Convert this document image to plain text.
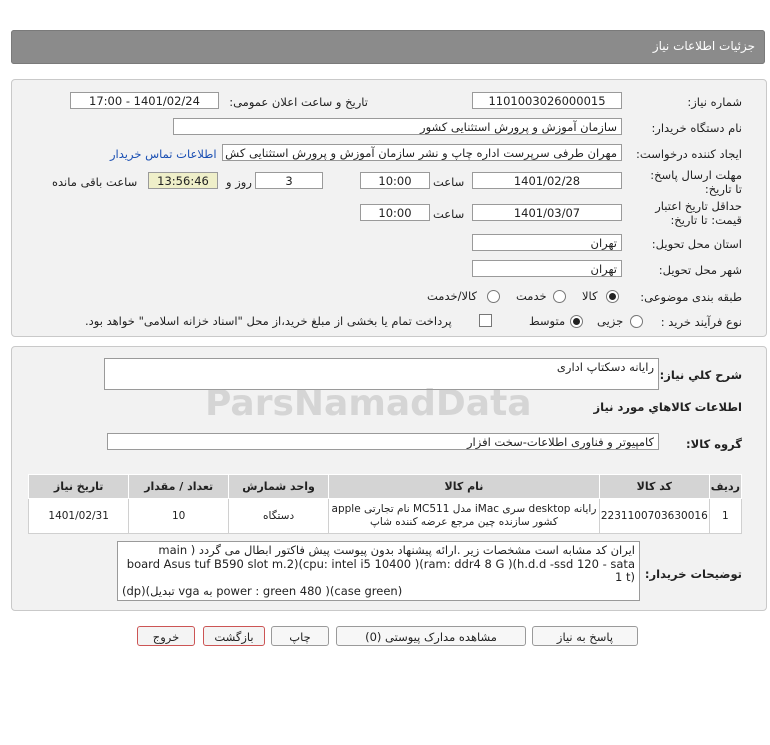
جزئیات اطلاعات نیاز
شماره نیاز:
1101003026000015
تاریخ و ساعت اعلان عمومی:
1401/02/24 - 17:00
نام دستگاه خریدار:
سازمان آموزش و پرورش استثنایی کشور
ایجاد کننده درخواست:
مهران طرفی سرپرست اداره چاپ و نشر سازمان آموزش و پرورش استثنایی کش
اطلاعات تماس خریدار
مهلت ارسال پاسخ: تا تاریخ:
1401/02/28
ساعت
10:00
3
روز و
13:56:46
ساعت باقی مانده
حداقل تاریخ اعتبار قیمت: تا تاریخ:
1401/03/07
ساعت
10:00
استان محل تحویل:
تهران
شهر محل تحویل:
تهران
طبقه بندی موضوعی:
کالا
خدمت
کالا/خدمت
نوع فرآیند خرید :
جزیی
متوسط
پرداخت تمام یا بخشی از مبلغ خرید،از محل "اسناد خزانه اسلامی" خواهد بود.
شرح كلي نياز:
رایانه دسکتاپ اداری
اطلاعات کالاهاي مورد نياز
گروه کالا:
کامپیوتر و فناوری اطلاعات-سخت افزار
تاریخ نیاز	تعداد / مقدار	واحد شمارش	نام کالا	کد کالا	ردیف
1401/02/31	10	دستگاه	رایانه desktop سری iMac مدل MC511 نام تجارتی apple
کشور سازنده چین مرجع عرضه کننده شاپ	2231100703630016	1
توضیحات خریدار:
ایران کد مشابه است مشخصات زیر .ارائه پیشنهاد بدون پیوست پیش فاکتور ابطال می گردد ( main
board Asus tuf B590 slot m.2)(cpu: intel i5 10400 )(ram: ddr4 8 G )(h.d.d -ssd 120 - sata
1 t)
(case green)( power : green 480 به vga تبدیل)(dp)
پاسخ به نیاز
مشاهده مدارک پیوستی (0)
چاپ
بازگشت
خروج
ParsNamadData
